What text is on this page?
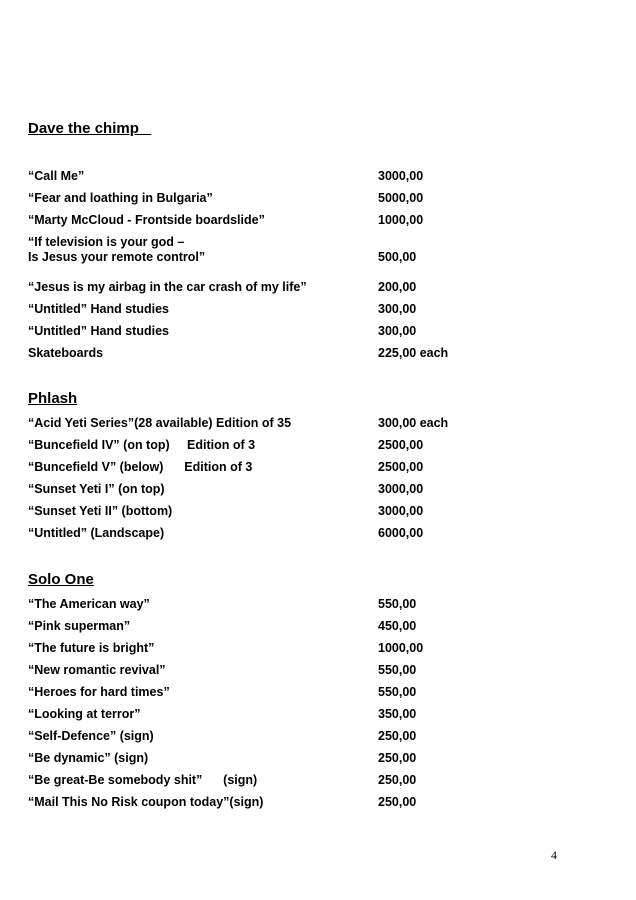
Dave the chimp
“Call Me”	3000,00
“Fear and loathing in Bulgaria”	5000,00
“Marty McCloud - Frontside boardslide”	1000,00
“If television is your god –
Is Jesus your remote control”	500,00
“Jesus is my airbag in the car crash of my life”	200,00
“Untitled” Hand studies	300,00
“Untitled” Hand studies	300,00
Skateboards	225,00 each
Phlash
“Acid Yeti Series”(28 available) Edition of 35	300,00 each
“Buncefield IV” (on top)     Edition of 3	2500,00
“Buncefield V” (below)      Edition of 3	2500,00
“Sunset Yeti I” (on top)	3000,00
“Sunset Yeti II” (bottom)	3000,00
“Untitled” (Landscape)	6000,00
Solo One
“The American way”	550,00
“Pink superman”	450,00
“The future is bright”	1000,00
“New romantic revival”	550,00
“Heroes for hard times”	550,00
“Looking at terror”	350,00
“Self-Defence” (sign)	250,00
“Be dynamic” (sign)	250,00
“Be great-Be somebody shit”      (sign)	250,00
“Mail This No Risk coupon today”(sign)	250,00
4
